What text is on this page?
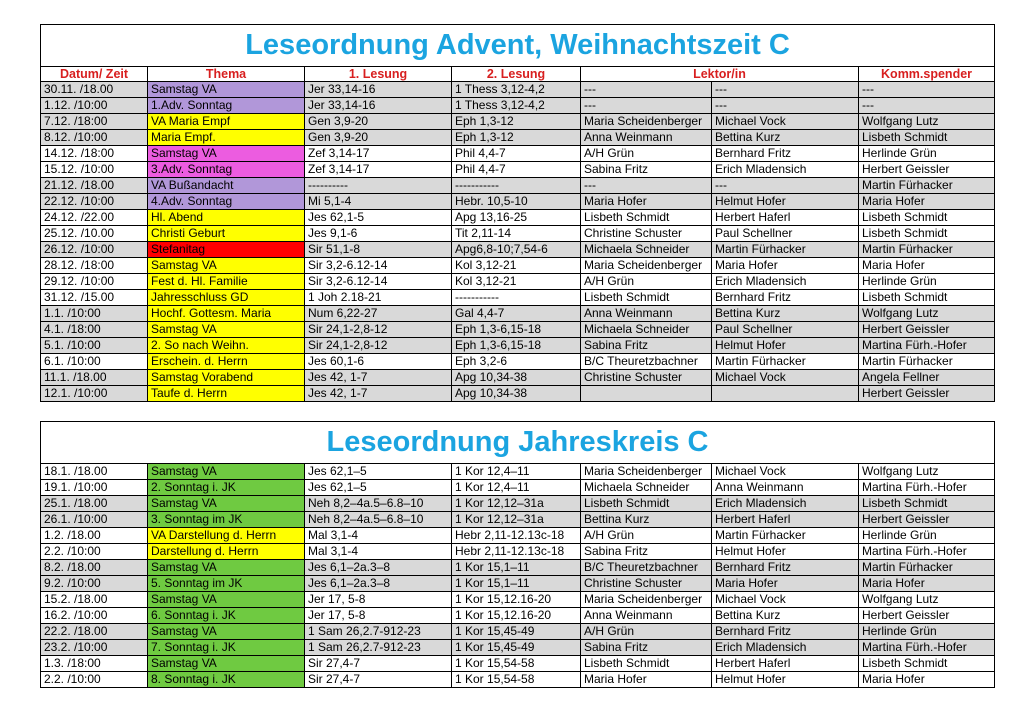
Leseordnung Advent, Weihnachtszeit C						
Datum/ Zeit	Thema	1. Lesung	2. Lesung	Lektor/in		Komm.spender
30.11. /18.00	Samstag VA	Jer 33,14-16	1 Thess 3,12-4,2	---	---	---
1.12. /10:00	1.Adv. Sonntag	Jer 33,14-16	1 Thess 3,12-4,2	---	---	---
7.12. /18:00	VA Maria Empf	Gen 3,9-20	Eph 1,3-12	Maria Scheidenberger	Michael Vock	Wolfgang Lutz
8.12. /10:00	Maria Empf.	Gen 3,9-20	Eph 1,3-12	Anna Weinmann	Bettina Kurz	Lisbeth Schmidt
14.12. /18:00	Samstag VA	Zef 3,14-17	Phil 4,4-7	A/H Grün	Bernhard Fritz	Herlinde Grün
15.12. /10:00	3.Adv. Sonntag	Zef 3,14-17	Phil 4,4-7	Sabina Fritz	Erich Mladensich	Herbert Geissler
21.12. /18.00	VA Bußandacht	----------	-----------	---	---	Martin Fürhacker
22.12. /10:00	4.Adv. Sonntag	Mi 5,1-4	Hebr. 10,5-10	Maria Hofer	Helmut Hofer	Maria Hofer
24.12. /22.00	Hl. Abend	Jes 62,1-5	Apg 13,16-25	Lisbeth Schmidt	Herbert Haferl	Lisbeth Schmidt
25.12. /10.00	Christi Geburt	Jes 9,1-6	Tit 2,11-14	Christine Schuster	Paul Schellner	Lisbeth Schmidt
26.12. /10:00	Stefanitag	Sir 51,1-8	Apg6,8-10;7,54-6	Michaela Schneider	Martin Fürhacker	Martin Fürhacker
28.12. /18:00	Samstag VA	Sir 3,2-6.12-14	Kol 3,12-21	Maria Scheidenberger	Maria Hofer	Maria Hofer
29.12. /10:00	Fest d. Hl. Familie	Sir 3,2-6.12-14	Kol 3,12-21	A/H Grün	Erich Mladensich	Herlinde Grün
31.12. /15.00	Jahresschluss GD	1 Joh 2.18-21	-----------	Lisbeth Schmidt	Bernhard Fritz	Lisbeth Schmidt
1.1. /10:00	Hochf. Gottesm. Maria	Num 6,22-27	Gal 4,4-7	Anna Weinmann	Bettina Kurz	Wolfgang Lutz
4.1. /18:00	Samstag VA	Sir 24,1-2,8-12	Eph 1,3-6,15-18	Michaela Schneider	Paul Schellner	Herbert Geissler
5.1. /10:00	2. So nach Weihn.	Sir 24,1-2,8-12	Eph 1,3-6,15-18	Sabina Fritz	Helmut Hofer	Martina Fürh.-Hofer
6.1. /10:00	Erschein. d. Herrn	Jes 60,1-6	Eph 3,2-6	B/C Theuretzbachner	Martin Fürhacker	Martin Fürhacker
11.1. /18.00	Samstag Vorabend	Jes 42, 1-7	Apg 10,34-38	Christine Schuster	Michael Vock	Angela Fellner
12.1. /10:00	Taufe d. Herrn	Jes 42, 1-7	Apg 10,34-38			Herbert Geissler
Leseordnung Jahreskreis C						
18.1. /18.00	Samstag VA	Jes 62,1–5	1 Kor 12,4–11	Maria Scheidenberger	Michael Vock	Wolfgang Lutz
19.1. /10:00	2. Sonntag i. JK	Jes 62,1–5	1 Kor 12,4–11	Michaela Schneider	Anna Weinmann	Martina Fürh.-Hofer
25.1. /18.00	Samstag VA	Neh 8,2–4a.5–6.8–10	1 Kor 12,12–31a	Lisbeth Schmidt	Erich Mladensich	Lisbeth Schmidt
26.1. /10:00	3. Sonntag im JK	Neh 8,2–4a.5–6.8–10	1 Kor 12,12–31a	Bettina Kurz	Herbert Haferl	Herbert Geissler
1.2. /18.00	VA Darstellung d. Herrn	Mal 3,1-4	Hebr 2,11-12.13c-18	A/H Grün	Martin Fürhacker	Herlinde Grün
2.2. /10:00	Darstellung d. Herrn	Mal 3,1-4	Hebr 2,11-12.13c-18	Sabina Fritz	Helmut Hofer	Martina Fürh.-Hofer
8.2. /18.00	Samstag VA	Jes 6,1–2a.3–8	1 Kor 15,1–11	B/C Theuretzbachner	Bernhard Fritz	Martin Fürhacker
9.2. /10:00	5. Sonntag im JK	Jes 6,1–2a.3–8	1 Kor 15,1–11	Christine Schuster	Maria Hofer	Maria Hofer
15.2. /18.00	Samstag VA	Jer 17, 5-8	1 Kor 15,12.16-20	Maria Scheidenberger	Michael Vock	Wolfgang Lutz
16.2. /10:00	6. Sonntag i. JK	Jer 17, 5-8	1 Kor 15,12.16-20	Anna Weinmann	Bettina Kurz	Herbert Geissler
22.2. /18.00	Samstag VA	1 Sam 26,2.7-912-23	1 Kor 15,45-49	A/H Grün	Bernhard Fritz	Herlinde Grün
23.2. /10:00	7. Sonntag i. JK	1 Sam 26,2.7-912-23	1 Kor 15,45-49	Sabina Fritz	Erich Mladensich	Martina Fürh.-Hofer
1.3. /18:00	Samstag VA	Sir 27,4-7	1 Kor 15,54-58	Lisbeth Schmidt	Herbert Haferl	Lisbeth Schmidt
2.2. /10:00	8. Sonntag i. JK	Sir 27,4-7	1 Kor 15,54-58	Maria Hofer	Helmut Hofer	Maria Hofer
